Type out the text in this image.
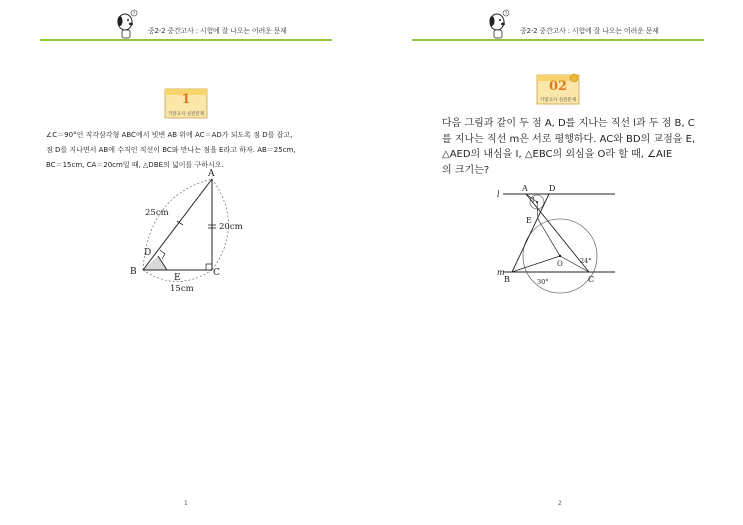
?
중2-2 중간고사 : 시험에 잘 나오는 어려운 문제
1
기말고사 실전문제
∠C＝90°인 직각삼각형 ABC에서 빗변 AB 위에 AC＝AD가 되도록 점 D를 잡고,
점 D를 지나면서 AB에 수직인 직선이 BC와 만나는 점을 E라고 하자. AB＝25cm,
BC＝15cm, CA＝20cm일 때, △DBE의 넓이를 구하시오.
A
B	C
D
E
25cm
20cm
15cm
1
?
중2-2 중간고사 : 시험에 잘 나오는 어려운 문제
02
기말고사 실전문제
다음 그림과 같이 두 점 A, D를 지나는 직선 l과 두 점 B, C
를 지나는 직선 m은 서로 평행하다. AC와 BD의 교점을 E,
△AED의 내심을 I, △EBC의 외심을 O라 할 때, ∠AIE
의 크기는?
l
m
A	D
E
I
O
B	C
24°
30°
2
